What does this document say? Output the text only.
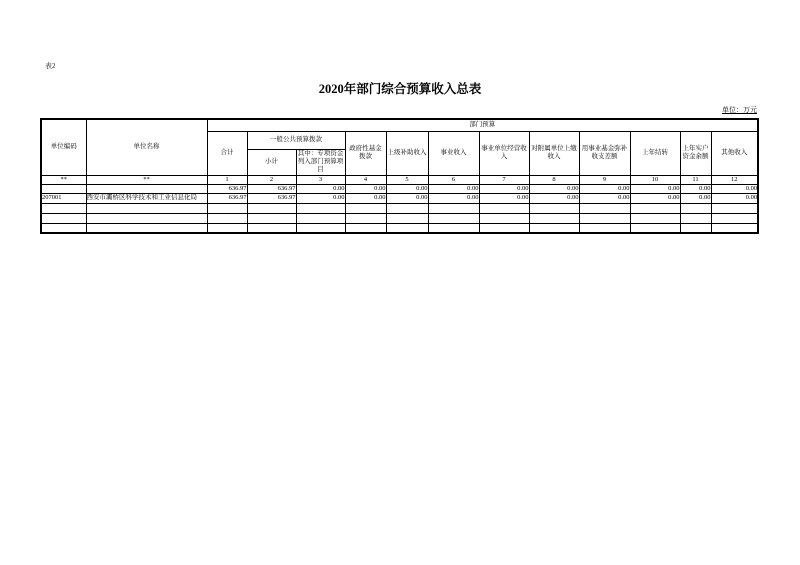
表2
2020年部门综合预算收入总表
单位：万元
单位编码	单位名称	部门预算											
		合计	一般公共预算拨款		政府性基金拨款	上级补助收入	事业收入	事业单位经营收入	对附属单位上缴收入	用事业基金弥补收支差额	上年结转	上年实户资金余额	其他收入
			小计	其中：专项资金列入部门预算项目									
**	**	1	2	3	4	5	6	7	8	9	10	11	12
		636.97	636.97	0.00	0.00	0.00	0.00	0.00	0.00	0.00	0.00	0.00	0.00
207001	西安市灞桥区科学技术和工业信息化局	636.97	636.97	0.00	0.00	0.00	0.00	0.00	0.00	0.00	0.00	0.00	0.00
